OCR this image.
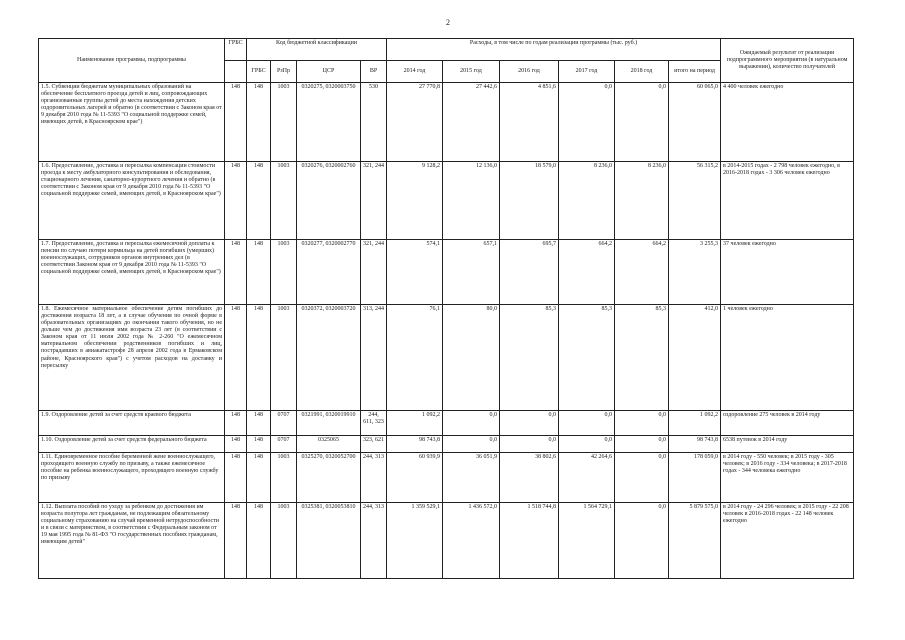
2
Наименование программы, подпрограммы	ГРБС	Код бюджетной классификации				Расходы, в том числе по годам реализации программы (тыс. руб.)						Ожидаемый результат от реализации подпрограммного мероприятия (в натуральном выражении), количество получателей
		ГРБС	РзПр	ЦСР	ВР	2014 год	2015 год	2016 год	2017 год	2018 год	итого на период	
1.5. Субвенции бюджетам муниципальных образований на обеспечение бесплатного проезда детей и лиц, сопровождающих организованные группы детей до места нахождения детских оздоровительных лагерей и обратно (в соответствии с Законом края от 9 декабря 2010 года № 11-5393 "О социальной поддержке семей, имеющих детей, в Красноярском крае")	148	148	1003	0320275, 0320003750	530	27 770,8	27 442,6	4 851,6	0,0	0,0	60 065,0	4 400 человек ежегодно
1.6. Предоставление, доставка и пересылка компенсации стоимости проезда к месту амбулаторного консультирования и обследования, стационарного лечения, санаторно-курортного лечения и обратно (в соответствии с Законом края от 9 декабря 2010 года № 11-5393 "О социальной поддержке семей, имеющих детей, в Красноярском крае")	148	148	1003	0320276, 0320002760	321, 244	9 128,2	12 136,0	18 579,0	8 236,0	8 236,0	56 315,2	в 2014-2015 годах - 2 798 человек ежегодно, в 2016-2018 годах - 3 306 человек ежегодно
1.7. Предоставление, доставка и пересылка ежемесячной доплаты к пенсии по случаю потери кормильца на детей погибших (умерших) военнослужащих, сотрудников органов внутренних дел (в соответствии Законом края от 9 декабря 2010 года № 11-5393 "О социальной поддержке семей, имеющих детей, в Красноярском крае")	148	148	1003	0320277, 0320002770	321, 244	574,1	657,1	695,7	664,2	664,2	3 255,3	37 человек ежегодно
1.8. Ежемесячное материальное обеспечение детям погибших до достижения возраста 18 лет, а в случае обучения по очной форме в образовательных организациях до окончания такого обучения, но не дольше чем до достижения ими возраста 23 лет (в соответствии с Законом края от 11 июля 2002 года № 2-260 "О ежемесячном материальном обеспечении родственников погибших и лиц, пострадавших в авиакатастрофе 28 апреля 2002 года в Ермаковском районе, Красноярского края") с учетом расходов на доставку и пересылку	148	148	1003	0320372, 0320003720	313, 244	76,1	80,0	85,3	85,3	85,3	412,0	1 человек ежегодно
1.9. Оздоровление детей за счет средств краевого бюджета	148	148	0707	0321991, 0320019910	244, 611, 323	1 092,2	0,0	0,0	0,0	0,0	1 092,2	оздоровление 275 человек в 2014 году
1.10. Оздоровление детей за счет средств федерального бюджета	148	148	0707	0325065	323, 621	98 743,8	0,0	0,0	0,0	0,0	98 743,8	6538 путевок в 2014 году
1.11. Единовременное пособие беременной жене военнослужащего, проходящего военную службу по призыву, а также ежемесячное пособие на ребенка военнослужащего, проходящего военную службу по призыву	148	148	1003	0325270, 0320052700	244, 313	60 939,9	36 051,9	38 802,6	42 264,6	0,0	178 059,0	в 2014 году - 550 человек; в 2015 году - 305 человек; в 2016 году - 334 человека; в 2017-2018 годах - 344 человека ежегодно
1.12. Выплата пособий по уходу за ребенком до достижения им возраста полутора лет гражданам, не подлежащим обязательному социальному страхованию на случай временной нетрудоспособности и в связи с материнством, в соответствии с Федеральным законом от 19 мая 1995 года № 81-ФЗ "О государственных пособиях гражданам, имеющим детей"	148	148	1003	0325381, 0320053810	244, 313	1 359 529,1	1 436 572,0	1 518 744,8	1 564 729,1	0,0	5 879 575,0	в 2014 году - 24 296 человек; в 2015 году - 22 208 человек в 2016-2018 годах - 22 148 человек ежегодно
